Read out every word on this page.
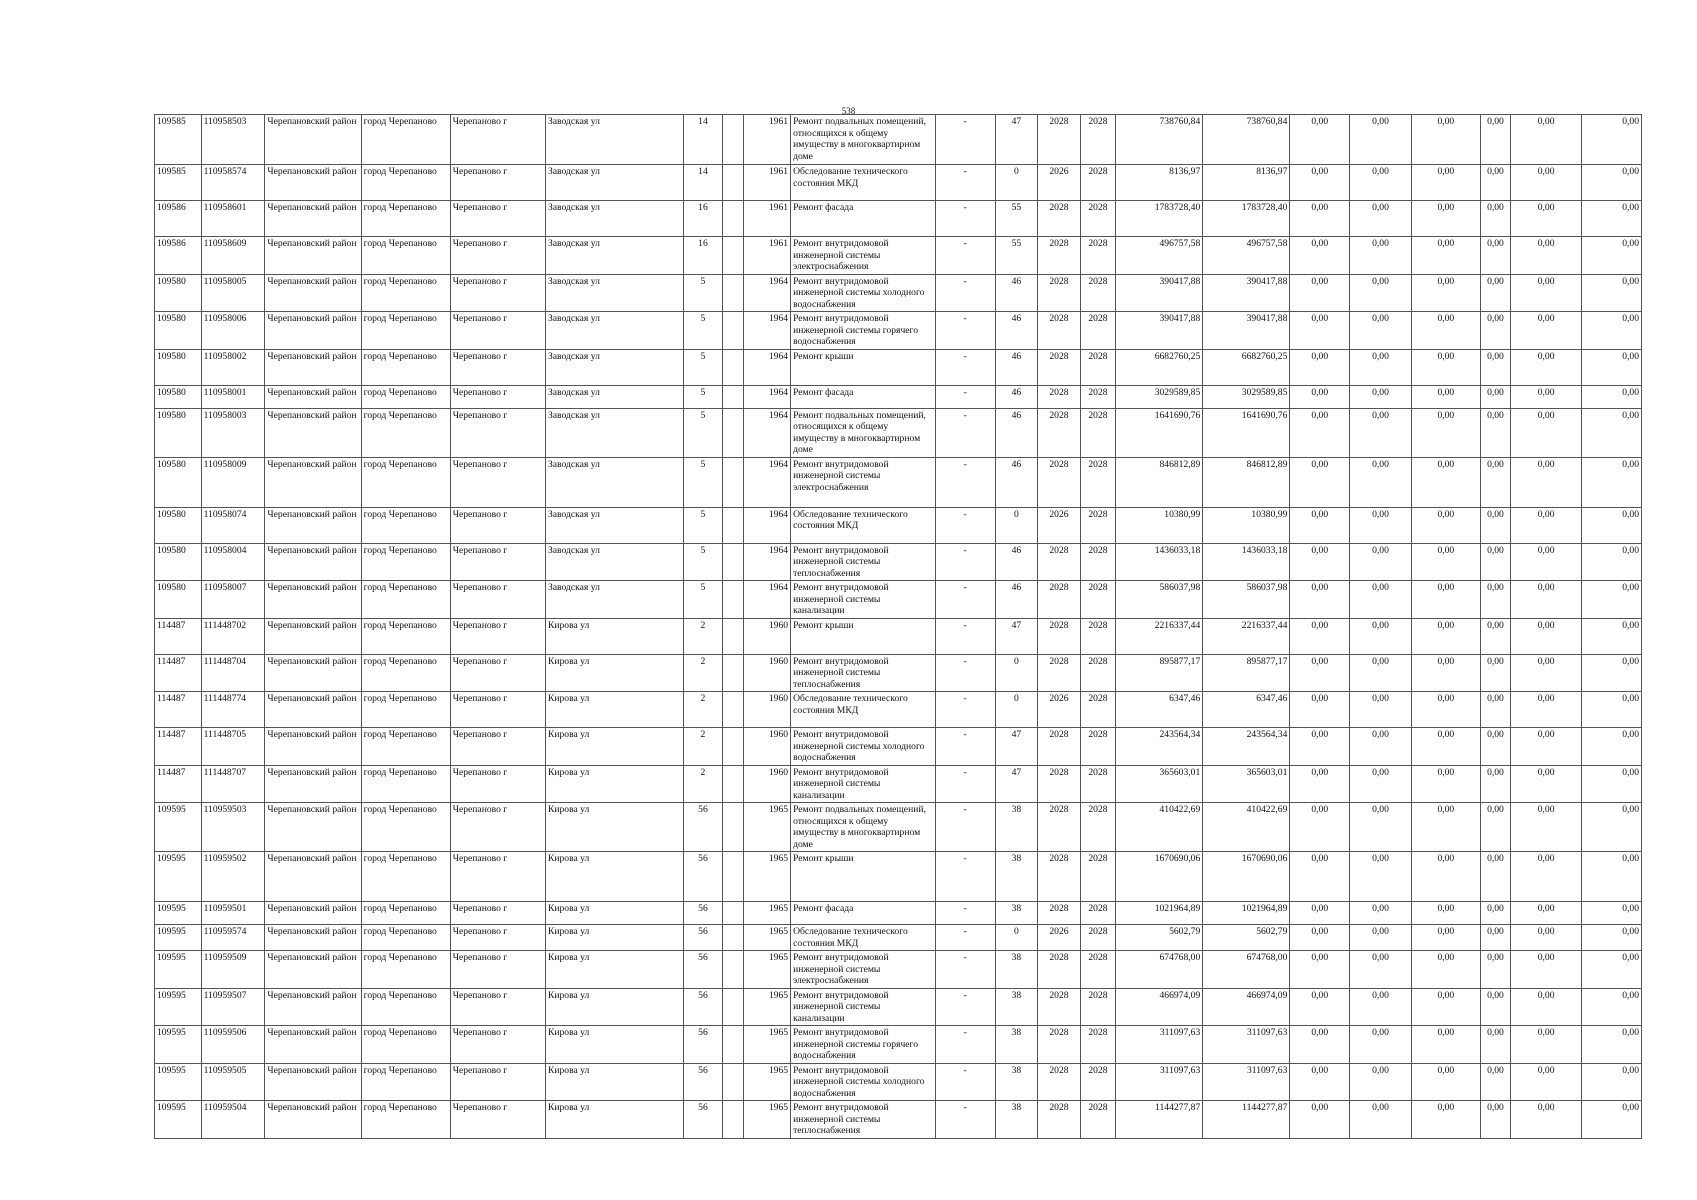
538
109585	110958503	Черепановский район	город Черепаново	Черепаново г	Заводская ул	14		1961	Ремонт подвальных помещений, относящихся к общему имуществу в многоквартирном доме	-	47	2028	2028	738760,84	738760,84	0,00	0,00	0,00	0,00	0,00	0,00
109585	110958574	Черепановский район	город Черепаново	Черепаново г	Заводская ул	14		1961	Обследование технического состояния МКД	-	0	2026	2028	8136,97	8136,97	0,00	0,00	0,00	0,00	0,00	0,00
109586	110958601	Черепановский район	город Черепаново	Черепаново г	Заводская ул	16		1961	Ремонт фасада	-	55	2028	2028	1783728,40	1783728,40	0,00	0,00	0,00	0,00	0,00	0,00
109586	110958609	Черепановский район	город Черепаново	Черепаново г	Заводская ул	16		1961	Ремонт внутридомовой инженерной системы электроснабжения	-	55	2028	2028	496757,58	496757,58	0,00	0,00	0,00	0,00	0,00	0,00
109580	110958005	Черепановский район	город Черепаново	Черепаново г	Заводская ул	5		1964	Ремонт внутридомовой инженерной системы холодного водоснабжения	-	46	2028	2028	390417,88	390417,88	0,00	0,00	0,00	0,00	0,00	0,00
109580	110958006	Черепановский район	город Черепаново	Черепаново г	Заводская ул	5		1964	Ремонт внутридомовой инженерной системы горячего водоснабжения	-	46	2028	2028	390417,88	390417,88	0,00	0,00	0,00	0,00	0,00	0,00
109580	110958002	Черепановский район	город Черепаново	Черепаново г	Заводская ул	5		1964	Ремонт крыши	-	46	2028	2028	6682760,25	6682760,25	0,00	0,00	0,00	0,00	0,00	0,00
109580	110958001	Черепановский район	город Черепаново	Черепаново г	Заводская ул	5		1964	Ремонт фасада	-	46	2028	2028	3029589,85	3029589,85	0,00	0,00	0,00	0,00	0,00	0,00
109580	110958003	Черепановский район	город Черепаново	Черепаново г	Заводская ул	5		1964	Ремонт подвальных помещений, относящихся к общему имуществу в многоквартирном доме	-	46	2028	2028	1641690,76	1641690,76	0,00	0,00	0,00	0,00	0,00	0,00
109580	110958009	Черепановский район	город Черепаново	Черепаново г	Заводская ул	5		1964	Ремонт внутридомовой инженерной системы электроснабжения	-	46	2028	2028	846812,89	846812,89	0,00	0,00	0,00	0,00	0,00	0,00
109580	110958074	Черепановский район	город Черепаново	Черепаново г	Заводская ул	5		1964	Обследование технического состояния МКД	-	0	2026	2028	10380,99	10380,99	0,00	0,00	0,00	0,00	0,00	0,00
109580	110958004	Черепановский район	город Черепаново	Черепаново г	Заводская ул	5		1964	Ремонт внутридомовой инженерной системы теплоснабжения	-	46	2028	2028	1436033,18	1436033,18	0,00	0,00	0,00	0,00	0,00	0,00
109580	110958007	Черепановский район	город Черепаново	Черепаново г	Заводская ул	5		1964	Ремонт внутридомовой инженерной системы канализации	-	46	2028	2028	586037,98	586037,98	0,00	0,00	0,00	0,00	0,00	0,00
114487	111448702	Черепановский район	город Черепаново	Черепаново г	Кирова ул	2		1960	Ремонт крыши	-	47	2028	2028	2216337,44	2216337,44	0,00	0,00	0,00	0,00	0,00	0,00
114487	111448704	Черепановский район	город Черепаново	Черепаново г	Кирова ул	2		1960	Ремонт внутридомовой инженерной системы теплоснабжения	-	0	2028	2028	895877,17	895877,17	0,00	0,00	0,00	0,00	0,00	0,00
114487	111448774	Черепановский район	город Черепаново	Черепаново г	Кирова ул	2		1960	Обследование технического состояния МКД	-	0	2026	2028	6347,46	6347,46	0,00	0,00	0,00	0,00	0,00	0,00
114487	111448705	Черепановский район	город Черепаново	Черепаново г	Кирова ул	2		1960	Ремонт внутридомовой инженерной системы холодного водоснабжения	-	47	2028	2028	243564,34	243564,34	0,00	0,00	0,00	0,00	0,00	0,00
114487	111448707	Черепановский район	город Черепаново	Черепаново г	Кирова ул	2		1960	Ремонт внутридомовой инженерной системы канализации	-	47	2028	2028	365603,01	365603,01	0,00	0,00	0,00	0,00	0,00	0,00
109595	110959503	Черепановский район	город Черепаново	Черепаново г	Кирова ул	56		1965	Ремонт подвальных помещений, относящихся к общему имуществу в многоквартирном доме	-	38	2028	2028	410422,69	410422,69	0,00	0,00	0,00	0,00	0,00	0,00
109595	110959502	Черепановский район	город Черепаново	Черепаново г	Кирова ул	56		1965	Ремонт крыши	-	38	2028	2028	1670690,06	1670690,06	0,00	0,00	0,00	0,00	0,00	0,00
109595	110959501	Черепановский район	город Черепаново	Черепаново г	Кирова ул	56		1965	Ремонт фасада	-	38	2028	2028	1021964,89	1021964,89	0,00	0,00	0,00	0,00	0,00	0,00
109595	110959574	Черепановский район	город Черепаново	Черепаново г	Кирова ул	56		1965	Обследование технического состояния МКД	-	0	2026	2028	5602,79	5602,79	0,00	0,00	0,00	0,00	0,00	0,00
109595	110959509	Черепановский район	город Черепаново	Черепаново г	Кирова ул	56		1965	Ремонт внутридомовой инженерной системы электроснабжения	-	38	2028	2028	674768,00	674768,00	0,00	0,00	0,00	0,00	0,00	0,00
109595	110959507	Черепановский район	город Черепаново	Черепаново г	Кирова ул	56		1965	Ремонт внутридомовой инженерной системы канализации	-	38	2028	2028	466974,09	466974,09	0,00	0,00	0,00	0,00	0,00	0,00
109595	110959506	Черепановский район	город Черепаново	Черепаново г	Кирова ул	56		1965	Ремонт внутридомовой инженерной системы горячего водоснабжения	-	38	2028	2028	311097,63	311097,63	0,00	0,00	0,00	0,00	0,00	0,00
109595	110959505	Черепановский район	город Черепаново	Черепаново г	Кирова ул	56		1965	Ремонт внутридомовой инженерной системы холодного водоснабжения	-	38	2028	2028	311097,63	311097,63	0,00	0,00	0,00	0,00	0,00	0,00
109595	110959504	Черепановский район	город Черепаново	Черепаново г	Кирова ул	56		1965	Ремонт внутридомовой инженерной системы теплоснабжения	-	38	2028	2028	1144277,87	1144277,87	0,00	0,00	0,00	0,00	0,00	0,00
